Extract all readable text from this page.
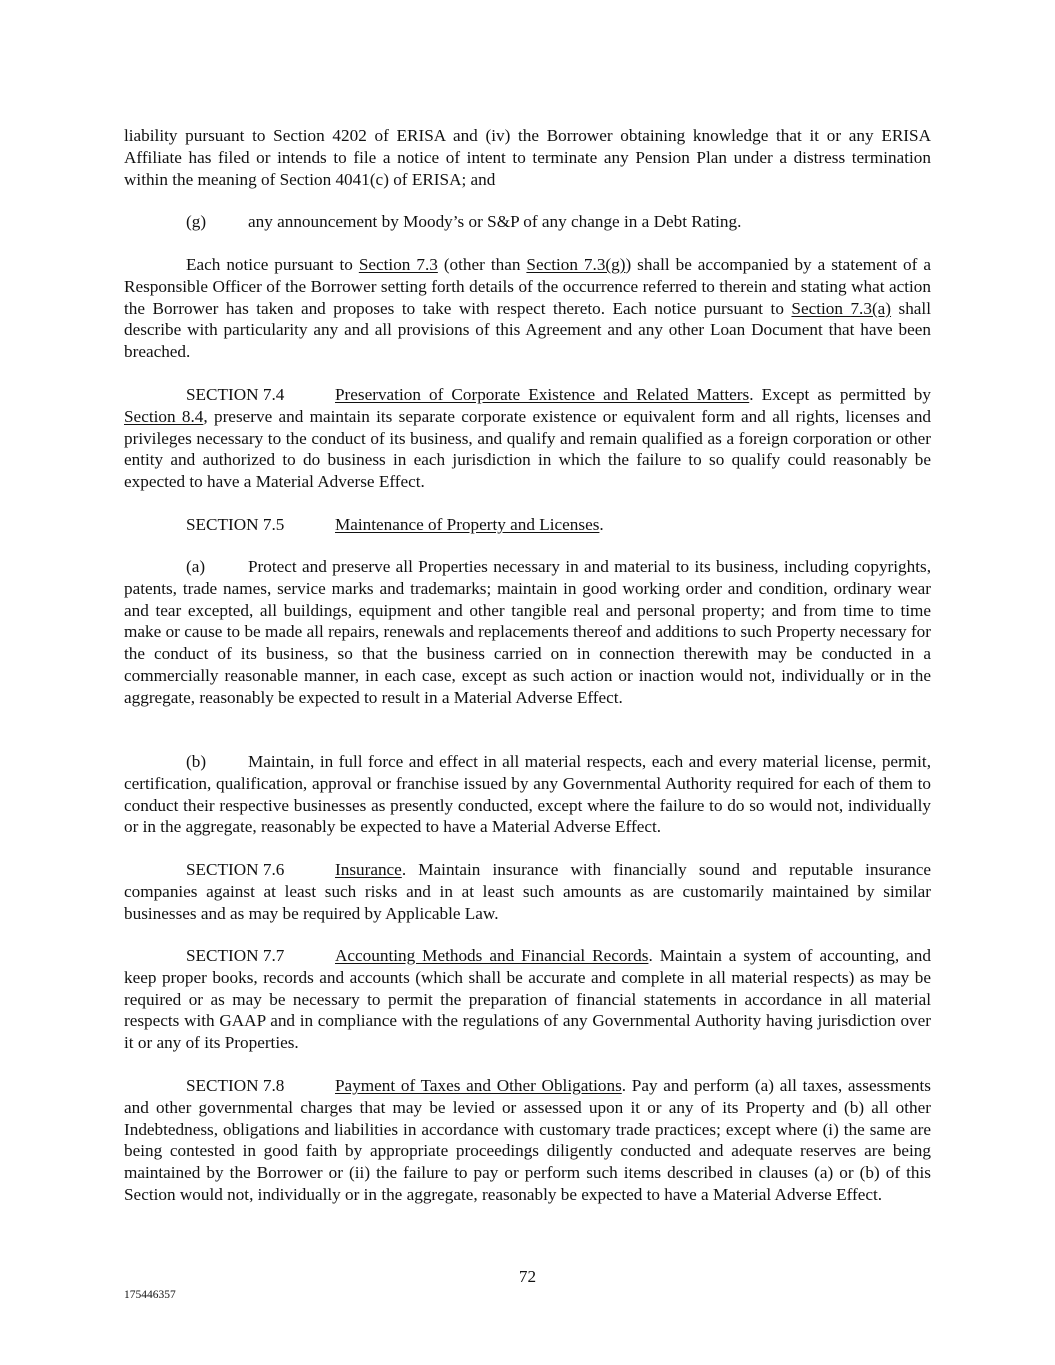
liability pursuant to Section 4202 of ERISA and (iv) the Borrower obtaining knowledge that it or any ERISA Affiliate has filed or intends to file a notice of intent to terminate any Pension Plan under a distress termination within the meaning of Section 4041(c) of ERISA; and

(g) any announcement by Moody’s or S&P of any change in a Debt Rating.

Each notice pursuant to Section 7.3 (other than Section 7.3(g)) shall be accompanied by a statement of a Responsible Officer of the Borrower setting forth details of the occurrence referred to therein and stating what action the Borrower has taken and proposes to take with respect thereto. Each notice pursuant to Section 7.3(a) shall describe with particularity any and all provisions of this Agreement and any other Loan Document that have been breached.

SECTION 7.4	Preservation of Corporate Existence and Related Matters. Except as permitted by Section 8.4, preserve and maintain its separate corporate existence or equivalent form and all rights, licenses and privileges necessary to the conduct of its business, and qualify and remain qualified as a foreign corporation or other entity and authorized to do business in each jurisdiction in which the failure to so qualify could reasonably be expected to have a Material Adverse Effect.

SECTION 7.5	Maintenance of Property and Licenses.

(a) Protect and preserve all Properties necessary in and material to its business, including copyrights, patents, trade names, service marks and trademarks; maintain in good working order and condition, ordinary wear and tear excepted, all buildings, equipment and other tangible real and personal property; and from time to time make or cause to be made all repairs, renewals and replacements thereof and additions to such Property necessary for the conduct of its business, so that the business carried on in connection therewith may be conducted in a commercially reasonable manner, in each case, except as such action or inaction would not, individually or in the aggregate, reasonably be expected to result in a Material Adverse Effect.

(b) Maintain, in full force and effect in all material respects, each and every material license, permit, certification, qualification, approval or franchise issued by any Governmental Authority required for each of them to conduct their respective businesses as presently conducted, except where the failure to do so would not, individually or in the aggregate, reasonably be expected to have a Material Adverse Effect.

SECTION 7.6	Insurance. Maintain insurance with financially sound and reputable insurance companies against at least such risks and in at least such amounts as are customarily maintained by similar businesses and as may be required by Applicable Law.

SECTION 7.7	Accounting Methods and Financial Records. Maintain a system of accounting, and keep proper books, records and accounts (which shall be accurate and complete in all material respects) as may be required or as may be necessary to permit the preparation of financial statements in accordance in all material respects with GAAP and in compliance with the regulations of any Governmental Authority having jurisdiction over it or any of its Properties.

SECTION 7.8	Payment of Taxes and Other Obligations. Pay and perform (a) all taxes, assessments and other governmental charges that may be levied or assessed upon it or any of its Property and (b) all other Indebtedness, obligations and liabilities in accordance with customary trade practices; except where (i) the same are being contested in good faith by appropriate proceedings diligently conducted and adequate reserves are being maintained by the Borrower or (ii) the failure to pay or perform such items described in clauses (a) or (b) of this Section would not, individually or in the aggregate, reasonably be expected to have a Material Adverse Effect.

72
175446357
